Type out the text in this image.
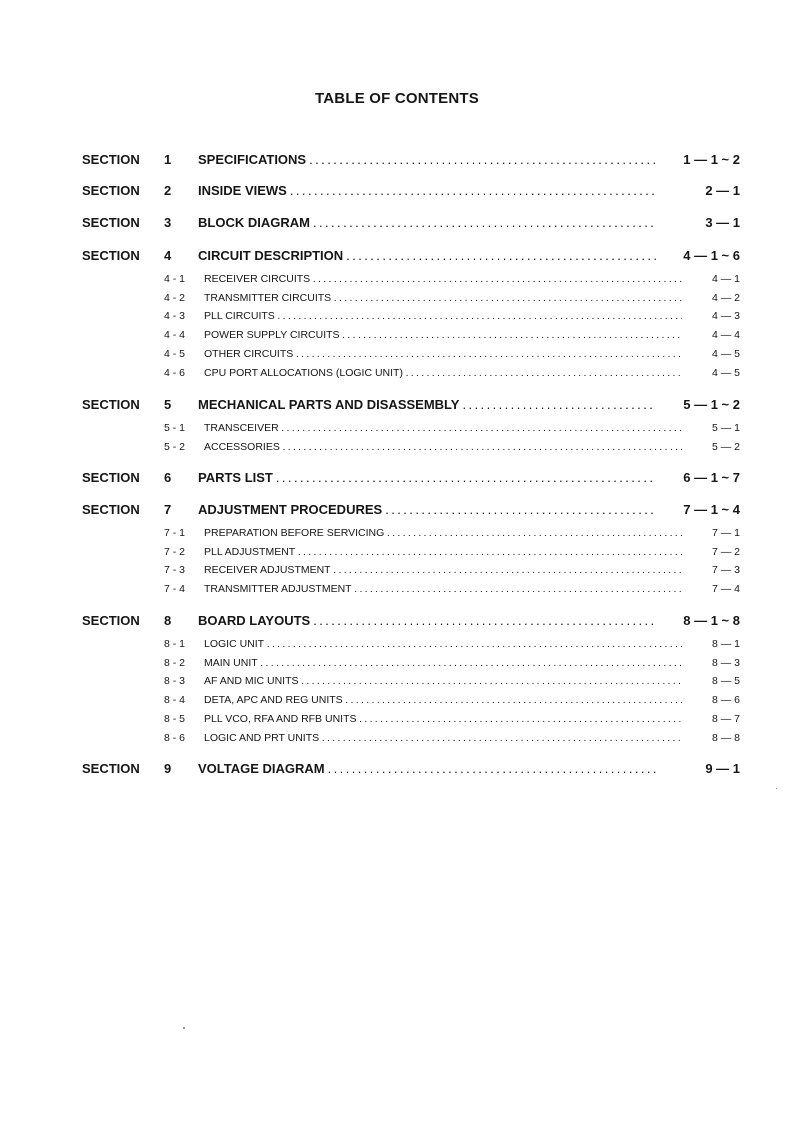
TABLE OF CONTENTS
SECTION 1 SPECIFICATIONS . . .	1 — 1 ~ 2
SECTION 2 INSIDE VIEWS . . .	2 — 1
SECTION 3 BLOCK DIAGRAM . . .	3 — 1
SECTION 4 CIRCUIT DESCRIPTION . . .	4 — 1 ~ 6
4 - 1 RECEIVER CIRCUITS . . .	4 — 1
4 - 2 TRANSMITTER CIRCUITS . . .	4 — 2
4 - 3 PLL CIRCUITS . . .	4 — 3
4 - 4 POWER SUPPLY CIRCUITS . . .	4 — 4
4 - 5 OTHER CIRCUITS . . .	4 — 5
4 - 6 CPU PORT ALLOCATIONS (LOGIC UNIT) . . .	4 — 5
SECTION 5 MECHANICAL PARTS AND DISASSEMBLY . . .	5 — 1 ~ 2
5 - 1 TRANSCEIVER . . .	5 — 1
5 - 2 ACCESSORIES . . .	5 — 2
SECTION 6 PARTS LIST . . .	6 — 1 ~ 7
SECTION 7 ADJUSTMENT PROCEDURES . . .	7 — 1 ~ 4
7 - 1 PREPARATION BEFORE SERVICING . . .	7 — 1
7 - 2 PLL ADJUSTMENT . . .	7 — 2
7 - 3 RECEIVER ADJUSTMENT . . .	7 — 3
7 - 4 TRANSMITTER ADJUSTMENT . . .	7 — 4
SECTION 8 BOARD LAYOUTS . . .	8 — 1 ~ 8
8 - 1 LOGIC UNIT . . .	8 — 1
8 - 2 MAIN UNIT . . .	8 — 3
8 - 3 AF AND MIC UNITS . . .	8 — 5
8 - 4 DETA, APC AND REG UNITS . . .	8 — 6
8 - 5 PLL VCO, RFA AND RFB UNITS . . .	8 — 7
8 - 6 LOGIC AND PRT UNITS . . .	8 — 8
SECTION 9 VOLTAGE DIAGRAM . . .	9 — 1
